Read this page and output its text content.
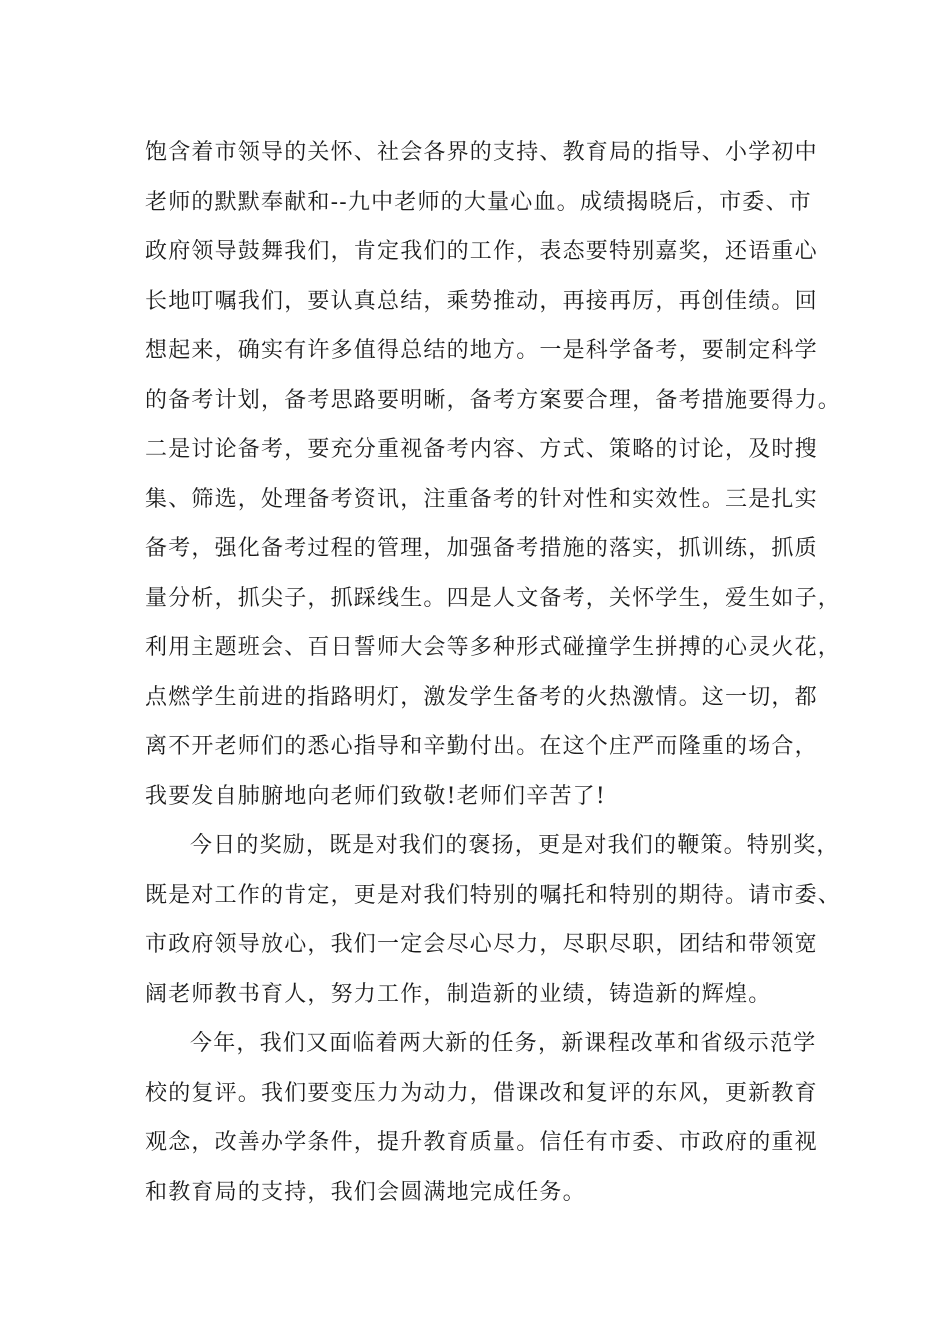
饱含着市领导的关怀、社会各界的支持、教育局的指导、小学初中
老师的默默奉献和--九中老师的大量心血。成绩揭晓后，市委、市
政府领导鼓舞我们，肯定我们的工作，表态要特别嘉奖，还语重心
长地叮嘱我们，要认真总结，乘势推动，再接再厉，再创佳绩。回
想起来，确实有许多值得总结的地方。一是科学备考，要制定科学
的备考计划，备考思路要明晰，备考方案要合理，备考措施要得力。
二是讨论备考，要充分重视备考内容、方式、策略的讨论，及时搜
集、筛选，处理备考资讯，注重备考的针对性和实效性。三是扎实
备考，强化备考过程的管理，加强备考措施的落实，抓训练，抓质
量分析，抓尖子，抓踩线生。四是人文备考，关怀学生，爱生如子，
利用主题班会、百日誓师大会等多种形式碰撞学生拼搏的心灵火花，
点燃学生前进的指路明灯，激发学生备考的火热激情。这一切，都
离不开老师们的悉心指导和辛勤付出。在这个庄严而隆重的场合，
我要发自肺腑地向老师们致敬!老师们辛苦了!
今日的奖励，既是对我们的褒扬，更是对我们的鞭策。特别奖，
既是对工作的肯定，更是对我们特别的嘱托和特别的期待。请市委、
市政府领导放心，我们一定会尽心尽力，尽职尽职，团结和带领宽
阔老师教书育人，努力工作，制造新的业绩，铸造新的辉煌。
今年，我们又面临着两大新的任务，新课程改革和省级示范学
校的复评。我们要变压力为动力，借课改和复评的东风，更新教育
观念，改善办学条件，提升教育质量。信任有市委、市政府的重视
和教育局的支持，我们会圆满地完成任务。
